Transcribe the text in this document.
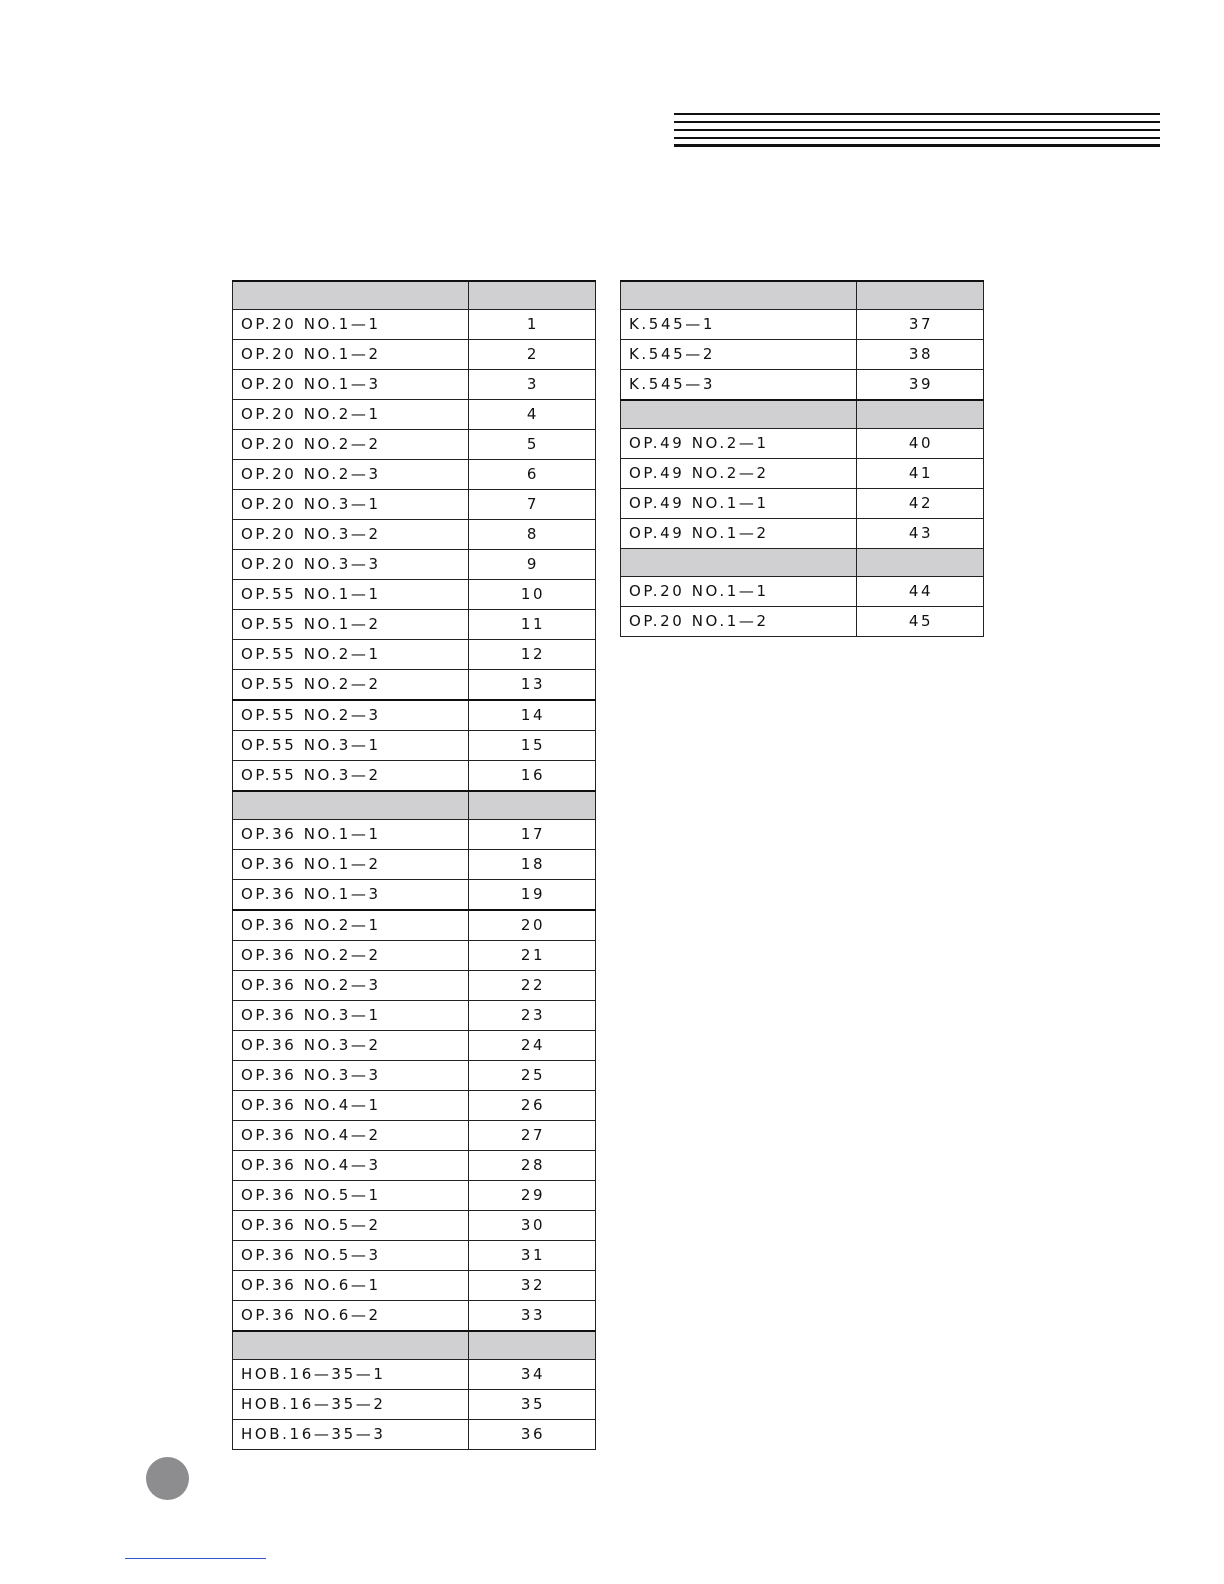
OP.20 NO.1—1	1
OP.20 NO.1—2	2
OP.20 NO.1—3	3
OP.20 NO.2—1	4
OP.20 NO.2—2	5
OP.20 NO.2—3	6
OP.20 NO.3—1	7
OP.20 NO.3—2	8
OP.20 NO.3—3	9
OP.55 NO.1—1	10
OP.55 NO.1—2	11
OP.55 NO.2—1	12
OP.55 NO.2—2	13
OP.55 NO.2—3	14
OP.55 NO.3—1	15
OP.55 NO.3—2	16

OP.36 NO.1—1	17
OP.36 NO.1—2	18
OP.36 NO.1—3	19
OP.36 NO.2—1	20
OP.36 NO.2—2	21
OP.36 NO.2—3	22
OP.36 NO.3—1	23
OP.36 NO.3—2	24
OP.36 NO.3—3	25
OP.36 NO.4—1	26
OP.36 NO.4—2	27
OP.36 NO.4—3	28
OP.36 NO.5—1	29
OP.36 NO.5—2	30
OP.36 NO.5—3	31
OP.36 NO.6—1	32
OP.36 NO.6—2	33

HOB.16—35—1	34
HOB.16—35—2	35
HOB.16—35—3	36

K.545—1	37
K.545—2	38
K.545—3	39

OP.49 NO.2—1	40
OP.49 NO.2—2	41
OP.49 NO.1—1	42
OP.49 NO.1—2	43

OP.20 NO.1—1	44
OP.20 NO.1—2	45
